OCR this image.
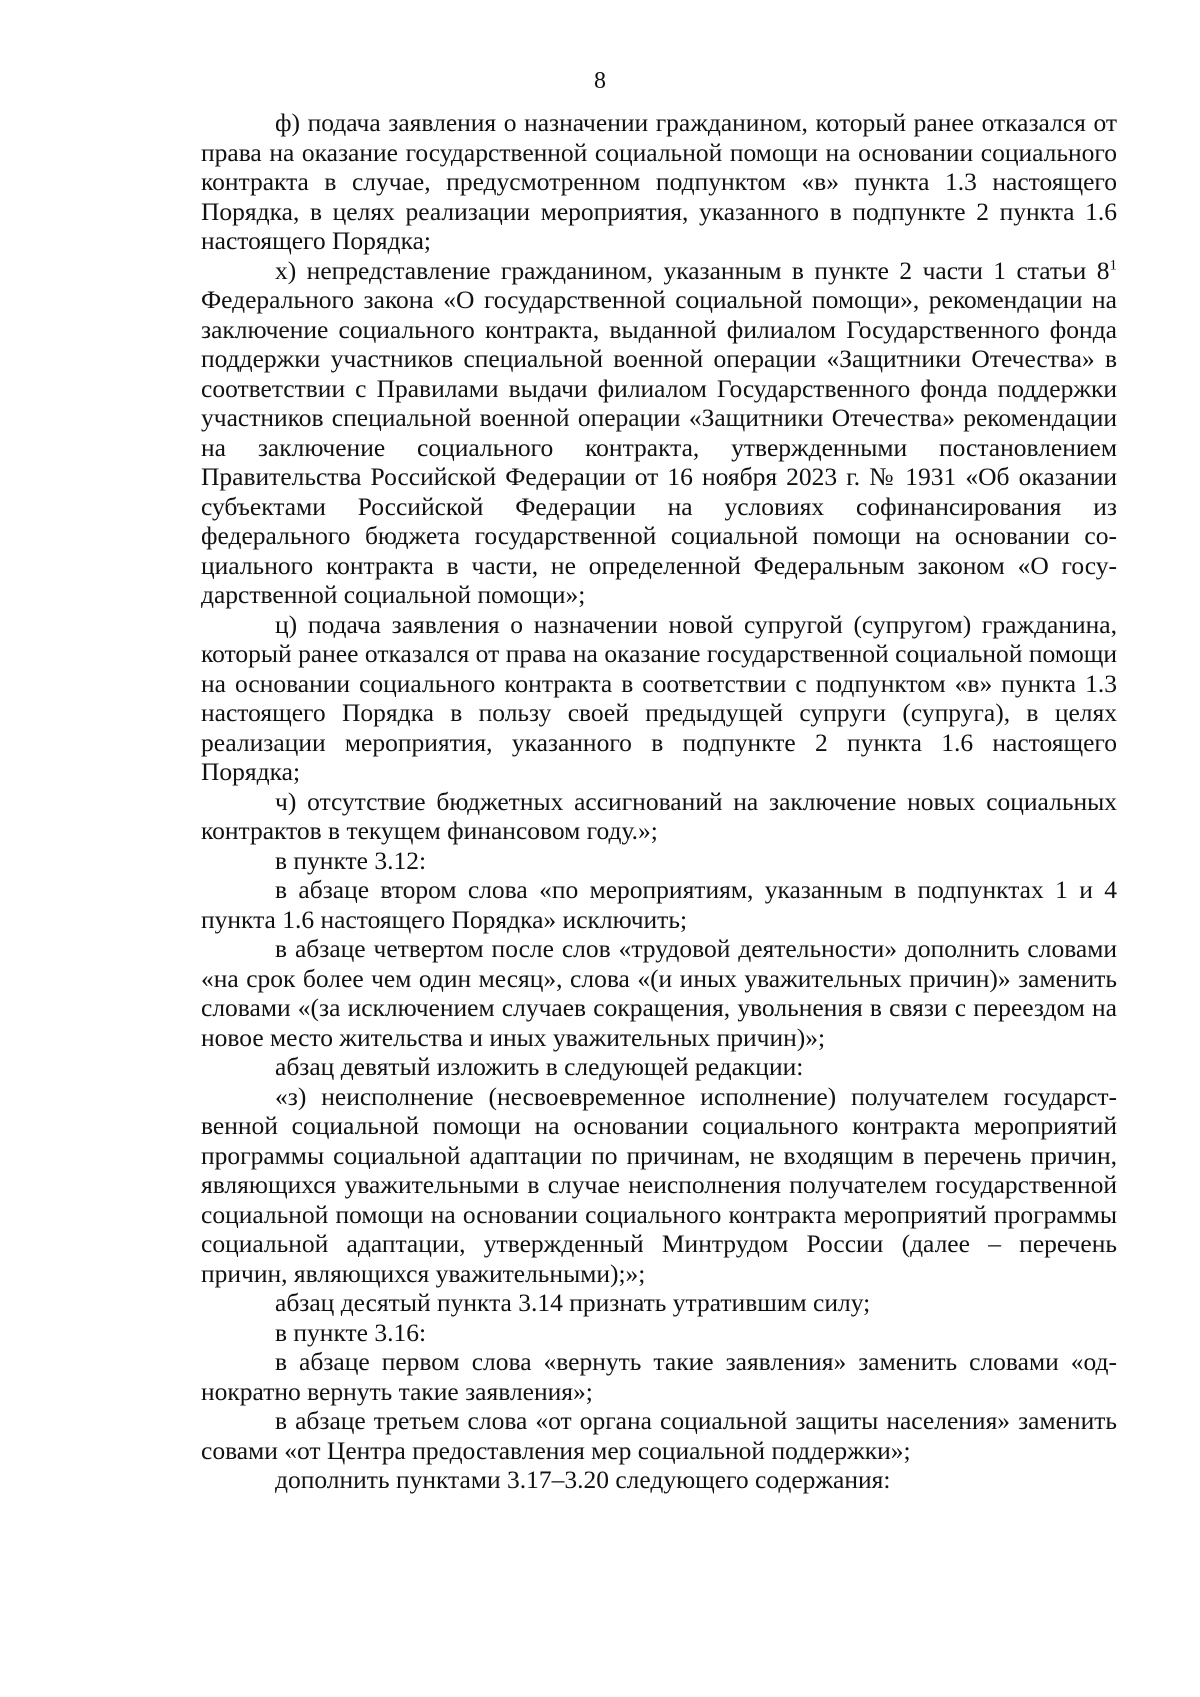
8

ф) подача заявления о назначении гражданином, который ранее отказался от права на оказание государственной социальной помощи на основании социального контракта в случае, предусмотренном подпунктом «в» пункта 1.3 настоящего Порядка, в целях реализации мероприятия, указанного в подпункте 2 пункта 1.6 настоящего Порядка;

х) непредставление гражданином, указанным в пункте 2 части 1 статьи $8^1$ Федерального закона «О государственной социальной помощи», рекомендации на заключение социального контракта, выданной филиалом Государственного фонда поддержки участников специальной военной операции «Защитники Отечества» в соответствии с Правилами выдачи филиалом Государственного фонда поддержки участников специальной военной операции «Защитники Отечества» рекомендации на заключение социального контракта, утвержденными постановлением Правительства Российской Федерации от 16 ноября 2023 г. № 1931 «Об оказании субъектами Российской Федерации на условиях софинансирования из федерального бюджета государственной социальной помощи на основании социального контракта в части, не определенной Федеральным законом «О государственной социальной помощи»;

ц) подача заявления о назначении новой супругой (супругом) гражданина, который ранее отказался от права на оказание государственной социальной помощи на основании социального контракта в соответствии с подпунктом «в» пункта 1.3 настоящего Порядка в пользу своей предыдущей супруги (супруга), в целях реализации мероприятия, указанного в подпункте 2 пункта 1.6 настоящего Порядка;

ч) отсутствие бюджетных ассигнований на заключение новых социальных контрактов в текущем финансовом году.»;

в пункте 3.12:

в абзаце втором слова «по мероприятиям, указанным в подпунктах 1 и 4 пункта 1.6 настоящего Порядка» исключить;

в абзаце четвертом после слов «трудовой деятельности» дополнить словами «на срок более чем один месяц», слова «(и иных уважительных причин)» заменить словами «(за исключением случаев сокращения, увольнения в связи с переездом на новое место жительства и иных уважительных причин)»;

абзац девятый изложить в следующей редакции:

«з) неисполнение (несвоевременное исполнение) получателем государственной социальной помощи на основании социального контракта мероприятий программы социальной адаптации по причинам, не входящим в перечень причин, являющихся уважительными в случае неисполнения получателем государственной социальной помощи на основании социального контракта мероприятий программы социальной адаптации, утвержденный Минтрудом России (далее – перечень причин, являющихся уважительными);»;

абзац десятый пункта 3.14 признать утратившим силу;

в пункте 3.16:

в абзаце первом слова «вернуть такие заявления» заменить словами «однократно вернуть такие заявления»;

в абзаце третьем слова «от органа социальной защиты населения» заменить совами «от Центра предоставления мер социальной поддержки»;

дополнить пунктами 3.17–3.20 следующего содержания:
